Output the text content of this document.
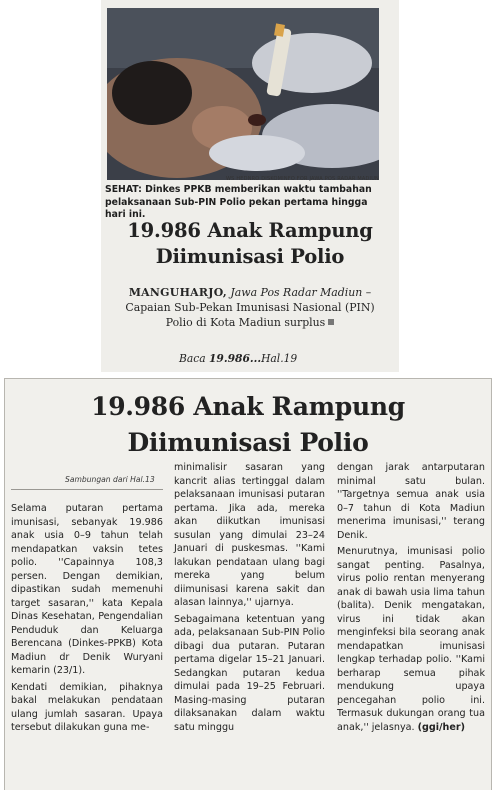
WS HEDNRO DISKOMINFO FOR JAWA POS RADAR MADIUN
SEHAT: Dinkes PPKB memberikan waktu tambahan pelaksanaan Sub-PIN Polio pekan pertama hingga hari ini.
19.986 Anak Rampung
Diimunisasi Polio
MANGUHARJO, Jawa Pos Radar Madiun – Capaian Sub-Pekan Imunisasi Nasional (PIN) Polio di Kota Madiun surplus
Baca 19.986...Hal.19
19.986 Anak Rampung
Diimunisasi Polio
Sambungan dari Hal.13

Selama putaran pertama imunisasi, sebanyak 19.986 anak usia 0–9 tahun telah mendapatkan vaksin tetes polio. ''Capainnya 108,3 persen. Dengan demikian, dipastikan sudah memenuhi target sasaran,'' kata Kepala Dinas Kesehatan, Pengendalian Penduduk dan Keluarga Berencana (Dinkes-PPKB) Kota Madiun dr Denik Wuryani kemarin (23/1).

Kendati demikian, pihaknya bakal melakukan pendataan ulang jumlah sasaran. Upaya tersebut dilakukan guna me-

minimalisir sasaran yang kancrit alias tertinggal dalam pelaksanaan imunisasi putaran pertama. Jika ada, mereka akan diikutkan imunisasi susulan yang dimulai 23–24 Januari di puskesmas. ''Kami lakukan pendataan ulang bagi mereka yang belum diimunisasi karena sakit dan alasan lainnya,'' ujarnya.

Sebagaimana ketentuan yang ada, pelaksanaan Sub-PIN Polio dibagi dua putaran. Putaran pertama digelar 15–21 Januari. Sedangkan putaran kedua dimulai pada 19–25 Februari. Masing-masing putaran dilaksanakan dalam waktu satu minggu

dengan jarak antarputaran minimal satu bulan. ''Targetnya semua anak usia 0–7 tahun di Kota Madiun menerima imunisasi,'' terang Denik.

Menurutnya, imunisasi polio sangat penting. Pasalnya, virus polio rentan menyerang anak di bawah usia lima tahun (balita). Denik mengatakan, virus ini tidak akan menginfeksi bila seorang anak mendapatkan imunisasi lengkap terhadap polio. ''Kami berharap semua pihak mendukung upaya pencegahan polio ini. Termasuk dukungan orang tua anak,'' jelasnya. (ggi/her)
